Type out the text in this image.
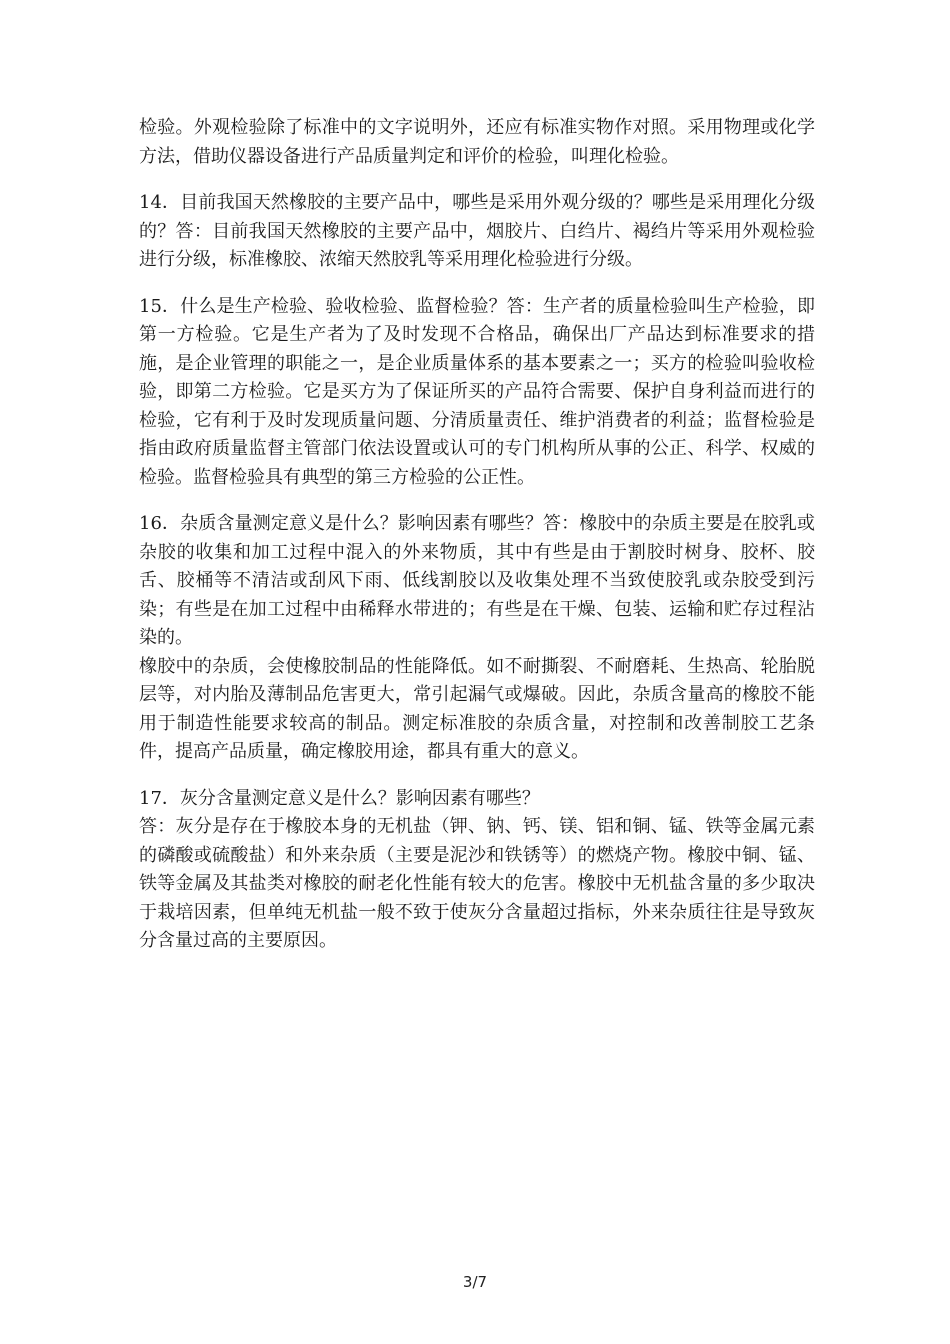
检验。外观检验除了标准中的文字说明外，还应有标准实物作对照。采用物理或化学方法，借助仪器设备进行产品质量判定和评价的检验，叫理化检验。

14．目前我国天然橡胶的主要产品中，哪些是采用外观分级的？哪些是采用理化分级的？答：目前我国天然橡胶的主要产品中，烟胶片、白绉片、褐绉片等采用外观检验进行分级，标准橡胶、浓缩天然胶乳等采用理化检验进行分级。

15．什么是生产检验、验收检验、监督检验？答：生产者的质量检验叫生产检验，即第一方检验。它是生产者为了及时发现不合格品，确保出厂产品达到标准要求的措施，是企业管理的职能之一，是企业质量体系的基本要素之一；买方的检验叫验收检验，即第二方检验。它是买方为了保证所买的产品符合需要、保护自身利益而进行的检验，它有利于及时发现质量问题、分清质量责任、维护消费者的利益；监督检验是指由政府质量监督主管部门依法设置或认可的专门机构所从事的公正、科学、权威的检验。监督检验具有典型的第三方检验的公正性。

16．杂质含量测定意义是什么？影响因素有哪些？答：橡胶中的杂质主要是在胶乳或杂胶的收集和加工过程中混入的外来物质，其中有些是由于割胶时树身、胶杯、胶舌、胶桶等不清洁或刮风下雨、低线割胶以及收集处理不当致使胶乳或杂胶受到污染；有些是在加工过程中由稀释水带进的；有些是在干燥、包装、运输和贮存过程沾染的。

橡胶中的杂质，会使橡胶制品的性能降低。如不耐撕裂、不耐磨耗、生热高、轮胎脱层等，对内胎及薄制品危害更大，常引起漏气或爆破。因此，杂质含量高的橡胶不能用于制造性能要求较高的制品。测定标准胶的杂质含量，对控制和改善制胶工艺条件，提高产品质量，确定橡胶用途，都具有重大的意义。

17．灰分含量测定意义是什么？影响因素有哪些？

答：灰分是存在于橡胶本身的无机盐（钾、钠、钙、镁、铝和铜、锰、铁等金属元素的磷酸或硫酸盐）和外来杂质（主要是泥沙和铁锈等）的燃烧产物。橡胶中铜、锰、铁等金属及其盐类对橡胶的耐老化性能有较大的危害。橡胶中无机盐含量的多少取决于栽培因素，但单纯无机盐一般不致于使灰分含量超过指标，外来杂质往往是导致灰分含量过高的主要原因。

3/7
